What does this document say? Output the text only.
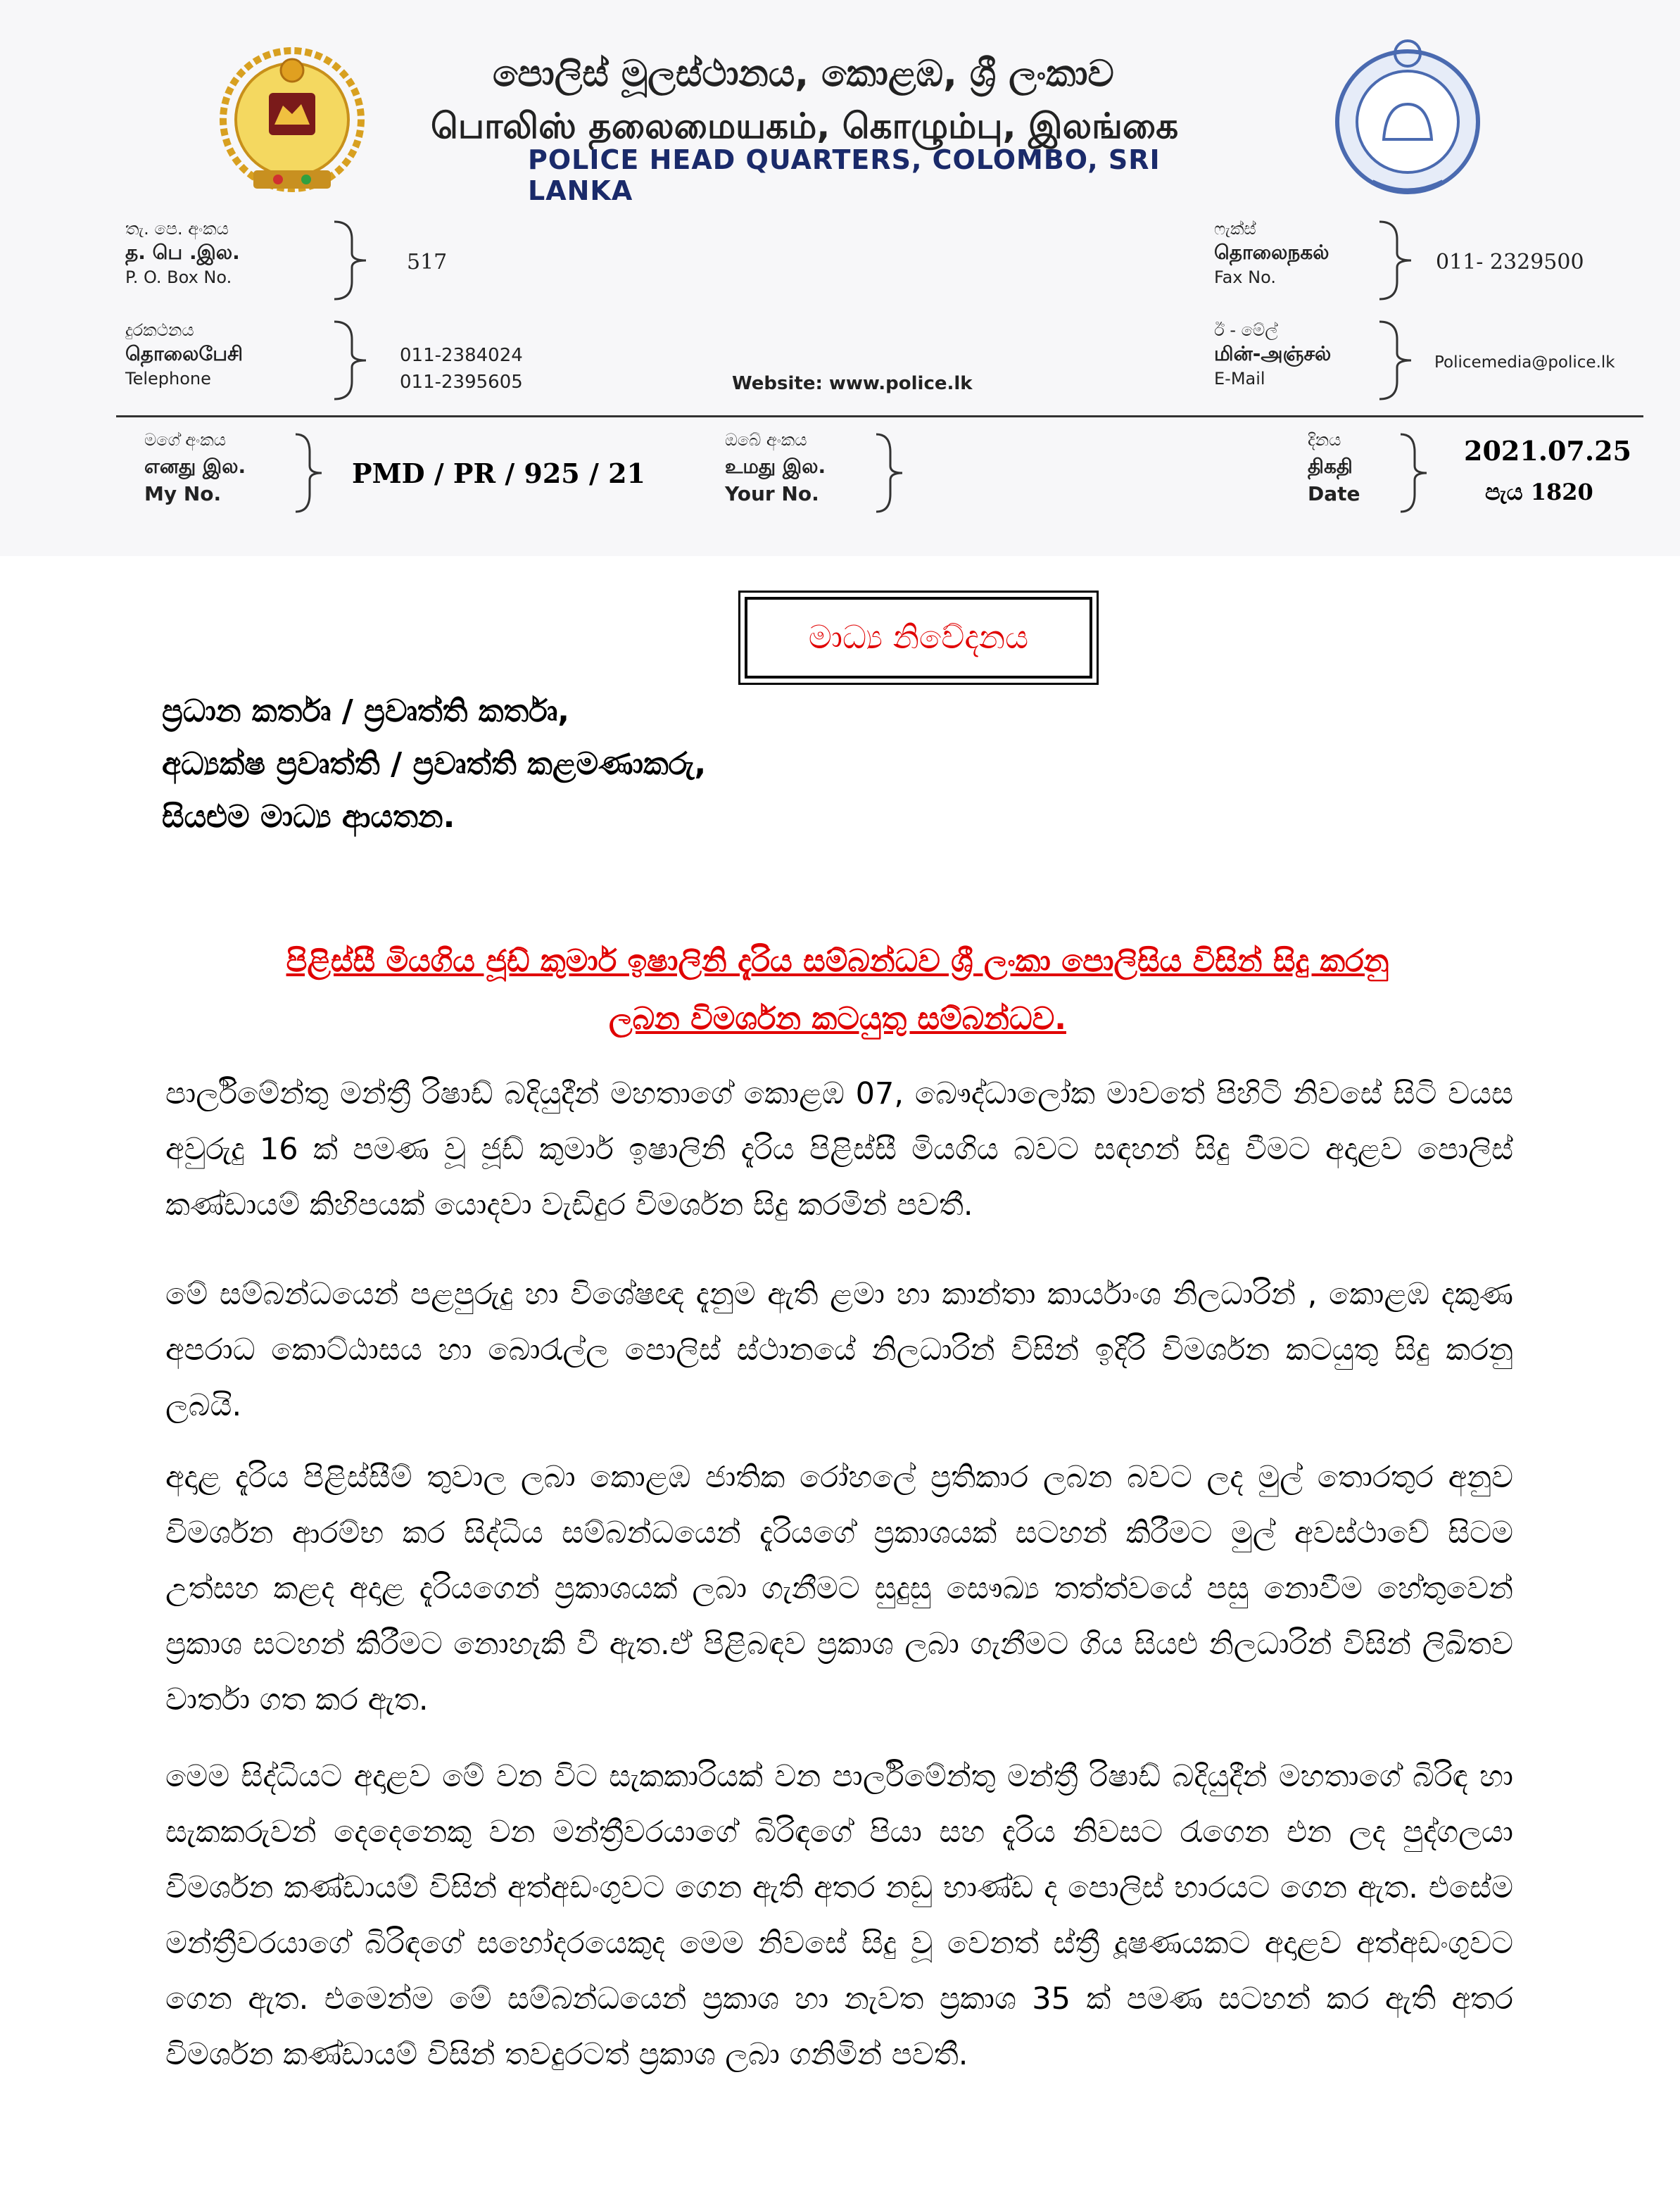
පොලිස් මූලස්ථානය, කොළඹ, ශ්‍රී ලංකාව
பொலிஸ் தலைமையகம், கொழும்பு, இலங்கை
POLICE HEAD QUARTERS, COLOMBO, SRI LANKA
තැ. පෙ. අංකය
த. பெ .இல.
P. O. Box No.
517
ෆැක්ස්
தொலைநகல்
Fax No.
011- 2329500
දුරකථනය
தொலைபேசி
Telephone
011-2384024
011-2395605	Website: www.police.lk
ඊ - මේල්
மின்-அஞ்சல்
E-Mail
Policemedia@police.lk
මගේ අංකය
எனது இல.
My No.
PMD / PR / 925 / 21
ඔබේ අංකය
உமது இல.
Your No.
දිනය
திகதி
Date
2021.07.25
පැය 1820
මාධ්‍ය නිවේදනය
ප්‍රධාන කර්තෘ / ප්‍රවෘත්ති කර්තෘ,
අධ්‍යක්ෂ ප්‍රවෘත්ති / ප්‍රවෘත්ති කළමණාකරු,
සියළුම මාධ්‍ය ආයතන.
පිළිස්සී මියගිය ජූඩ් කුමාර් ඉෂාලිනි දැරිය සම්බන්ධව ශ්‍රී ලංකා පොලිසිය විසින් සිදු කරනු
ලබන විමර්ශන කටයුතු සම්බන්ධව.
පාර්ලිමේන්තු මන්ත්‍රී රිෂාඩ් බදියුදීන් මහතාගේ කොළඹ 07, බෞද්ධාලෝක මාවතේ පිහිටි නිවසේ සිටි වයස අවුරුදු 16 ක් පමණ වූ ජූඩ් කුමාර් ඉෂාලිනි දැරිය පිළිස්සී මියගිය බවට සඳහන් සිදු වීමට අදාළව පොලිස් කණ්ඩායම් කිහිපයක් යොදවා වැඩිදුර විමර්ශන සිදු කරමින් පවතී.
මේ සම්බන්ධයෙන් පළපුරුදු හා විශේෂඥ දැනුම ඇති ළමා හා කාන්තා කාර්යාංශ නිලධාරින් , කොළඹ දකුණ අපරාධ කොට්ඨාසය හා බොරැල්ල පොලිස් ස්ථානයේ නිලධාරින් විසින් ඉදිරි විමර්ශන කටයුතු සිදු කරනු ලබයි.
අදාළ දැරිය පිළිස්සීම් තුවාල ලබා කොළඹ ජාතික රෝහලේ ප්‍රතිකාර ලබන බවට ලද මුල් තොරතුර අනුව විමර්ශන ආරම්භ කර සිද්ධිය සම්බන්ධයෙන් දැරියගේ ප්‍රකාශයක් සටහන් කිරීමට මුල් අවස්ථාවේ සිටම උත්සහ කළද අදාළ දැරියගෙන් ප්‍රකාශයක් ලබා ගැනීමට සුදුසු සෞඛ්‍ය තත්ත්වයේ පසු නොවීම හේතුවෙන් ප්‍රකාශ සටහන් කිරීමට නොහැකි වී ඇත.ඒ පිළිබඳව ප්‍රකාශ ලබා ගැනීමට ගිය සියළු නිලධාරින් විසින් ලිඛිතව වාර්තා ගත කර ඇත.
මෙම සිද්ධියට අදාළව මේ වන විට සැකකාරියක් වන පාර්ලිමේන්තු මන්ත්‍රී රිෂාඩ් බදියුදීන් මහතාගේ බිරිඳ හා සැකකරුවන් දෙදෙනෙකු වන මන්ත්‍රීවරයාගේ බිරිඳගේ පියා සහ දැරිය නිවසට රැගෙන එන ලද පුද්ගලයා විමර්ශන කණ්ඩායම් විසින් අත්අඩංගුවට ගෙන ඇති අතර නඩු භාණ්ඩ ද පොලිස් භාරයට ගෙන ඇත. එසේම මන්ත්‍රීවරයාගේ බිරිඳගේ සහෝදරයෙකුද මෙම නිවසේ සිදු වූ වෙනත් ස්ත්‍රී දූෂණයකට අදාළව අත්අඩංගුවට ගෙන ඇත. එමෙන්ම මේ සම්බන්ධයෙන් ප්‍රකාශ හා නැවත ප්‍රකාශ 35 ක් පමණ සටහන් කර ඇති අතර විමර්ශන කණ්ඩායම් විසින් තවදුරටත් ප්‍රකාශ ලබා ගනිමින් පවතී.
